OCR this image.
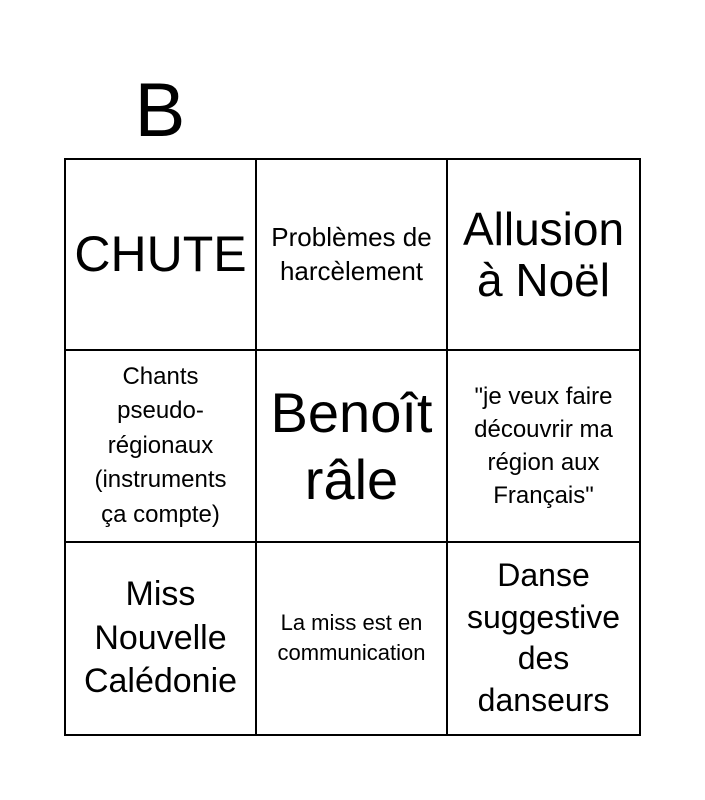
B
CHUTE Problèmes de harcèlement
Allusion à Noël
Chants pseudo-régionaux (instruments ça compte)
Benoît râle
"je veux faire découvrir ma région aux Français"
Miss Nouvelle Calédonie
La miss est en communication
Danse suggestive des danseurs
